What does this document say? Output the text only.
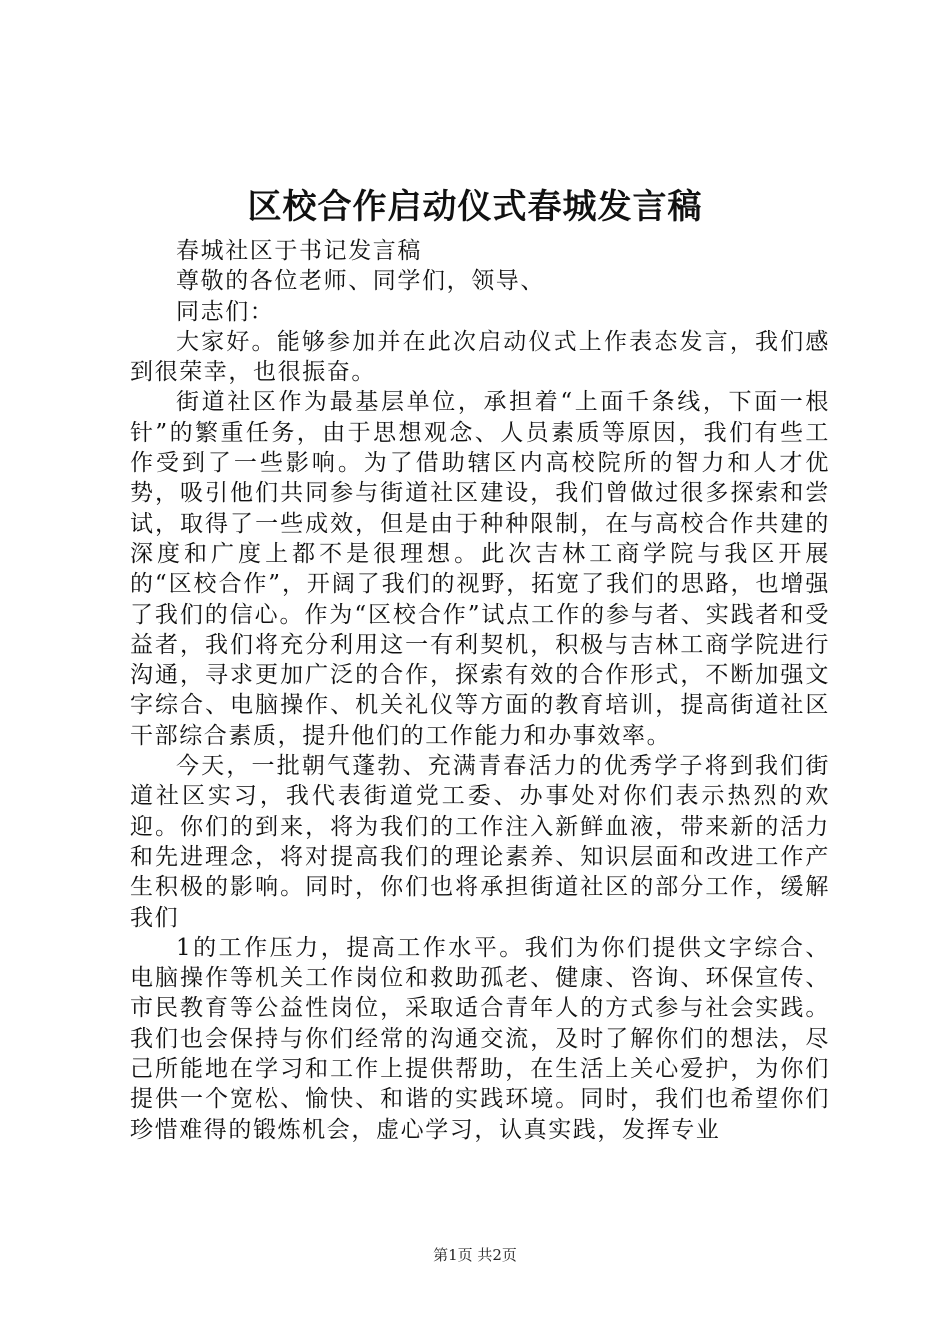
区校合作启动仪式春城发言稿

春城社区于书记发言稿

尊敬的各位老师、同学们，领导、

同志们：

大家好。能够参加并在此次启动仪式上作表态发言，我们感到很荣幸，也很振奋。

街道社区作为最基层单位，承担着“上面千条线，下面一根针”的繁重任务，由于思想观念、人员素质等原因，我们有些工作受到了一些影响。为了借助辖区内高校院所的智力和人才优势，吸引他们共同参与街道社区建设，我们曾做过很多探索和尝试，取得了一些成效，但是由于种种限制，在与高校合作共建的深度和广度上都不是很理想。此次吉林工商学院与我区开展的“区校合作”，开阔了我们的视野，拓宽了我们的思路，也增强了我们的信心。作为“区校合作”试点工作的参与者、实践者和受益者，我们将充分利用这一有利契机，积极与吉林工商学院进行沟通，寻求更加广泛的合作，探索有效的合作形式，不断加强文字综合、电脑操作、机关礼仪等方面的教育培训，提高街道社区干部综合素质，提升他们的工作能力和办事效率。

今天，一批朝气蓬勃、充满青春活力的优秀学子将到我们街道社区实习，我代表街道党工委、办事处对你们表示热烈的欢迎。你们的到来，将为我们的工作注入新鲜血液，带来新的活力和先进理念，将对提高我们的理论素养、知识层面和改进工作产生积极的影响。同时，你们也将承担街道社区的部分工作，缓解我们

1的工作压力，提高工作水平。我们为你们提供文字综合、电脑操作等机关工作岗位和救助孤老、健康、咨询、环保宣传、市民教育等公益性岗位，采取适合青年人的方式参与社会实践。我们也会保持与你们经常的沟通交流，及时了解你们的想法，尽己所能地在学习和工作上提供帮助，在生活上关心爱护，为你们提供一个宽松、愉快、和谐的实践环境。同时，我们也希望你们珍惜难得的锻炼机会，虚心学习，认真实践，发挥专业

第1页 共2页
